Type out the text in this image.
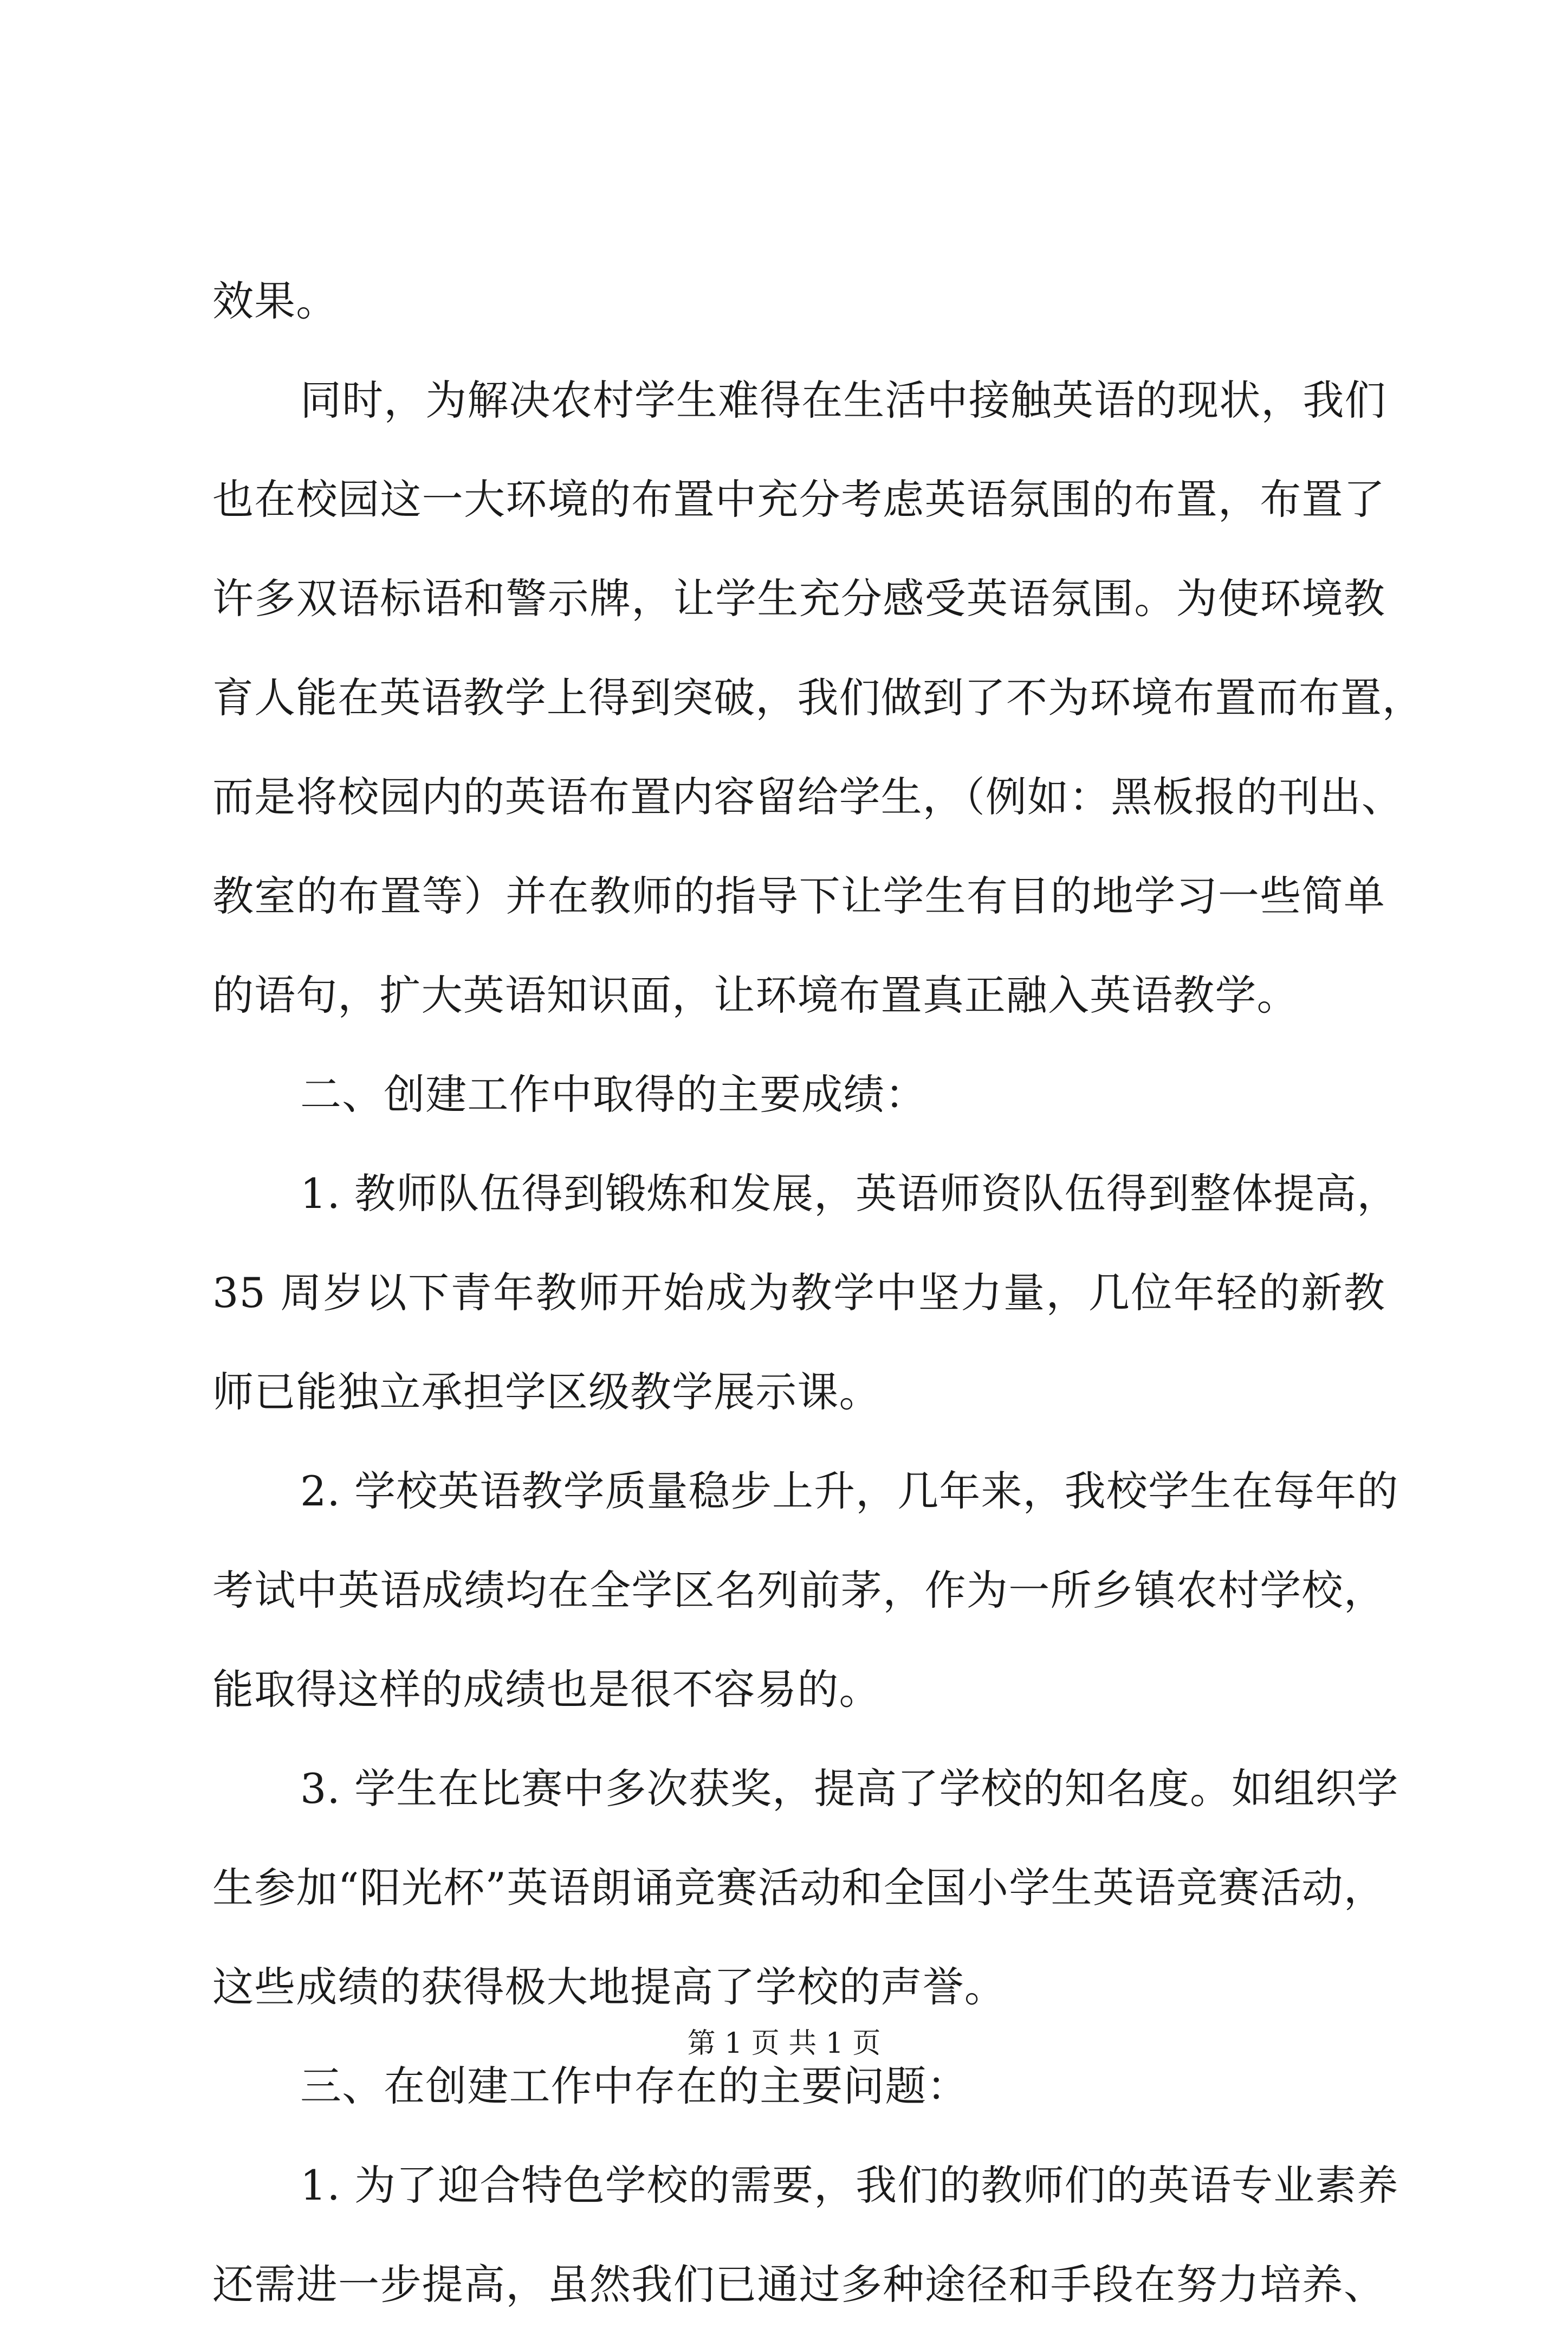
效果。
同时，为解决农村学生难得在生活中接触英语的现状，我们
也在校园这一大环境的布置中充分考虑英语氛围的布置，布置了
许多双语标语和警示牌，让学生充分感受英语氛围。为使环境教
育人能在英语教学上得到突破，我们做到了不为环境布置而布置，
而是将校园内的英语布置内容留给学生，（例如：黑板报的刊出、
教室的布置等）并在教师的指导下让学生有目的地学习一些简单
的语句，扩大英语知识面，让环境布置真正融入英语教学。
二、创建工作中取得的主要成绩：
1. 教师队伍得到锻炼和发展，英语师资队伍得到整体提高，
35 周岁以下青年教师开始成为教学中坚力量，几位年轻的新教
师已能独立承担学区级教学展示课。
2. 学校英语教学质量稳步上升，几年来，我校学生在每年的
考试中英语成绩均在全学区名列前茅，作为一所乡镇农村学校，
能取得这样的成绩也是很不容易的。
3. 学生在比赛中多次获奖，提高了学校的知名度。如组织学
生参加“阳光杯”英语朗诵竞赛活动和全国小学生英语竞赛活动，
这些成绩的获得极大地提高了学校的声誉。
三、在创建工作中存在的主要问题：
1. 为了迎合特色学校的需要，我们的教师们的英语专业素养
还需进一步提高，虽然我们已通过多种途径和手段在努力培养、
第 1 页 共 1 页
